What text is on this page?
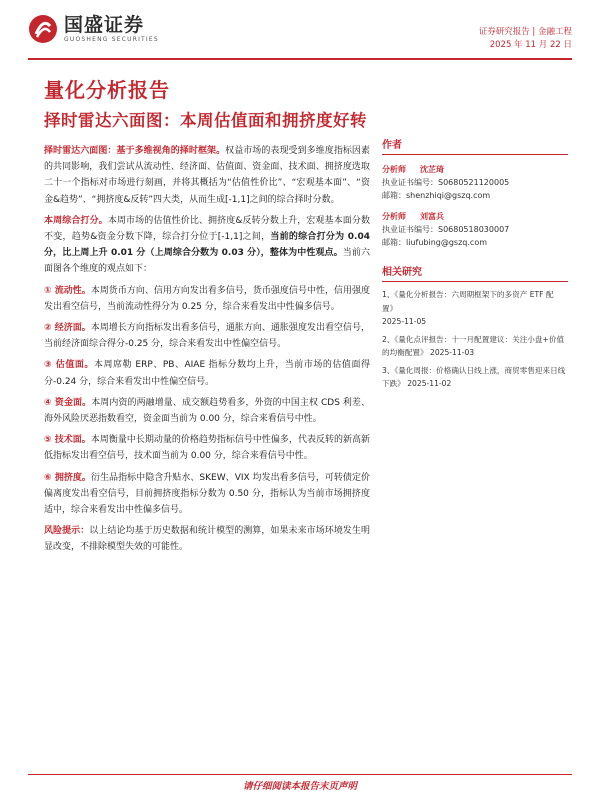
国盛证券
GUOSHENG SECURITIES
证券研究报告 | 金融工程
2025 年 11 月 22 日
量化分析报告
择时雷达六面图：本周估值面和拥挤度好转

择时雷达六面图：基于多维视角的择时框架。权益市场的表现受到多维度指标因素的共同影响，我们尝试从流动性、经济面、估值面、资金面、技术面、拥挤度选取二十一个指标对市场进行刻画，并将其概括为“估值性价比”、“宏观基本面”、“资金&趋势”、“拥挤度&反转”四大类，从而生成[-1,1]之间的综合择时分数。

本周综合打分。本周市场的估值性价比、拥挤度&反转分数上升，宏观基本面分数不变，趋势&资金分数下降，综合打分位于[-1,1]之间，当前的综合打分为 0.04 分，比上周上升 0.01 分（上周综合分数为 0.03 分），整体为中性观点。当前六面图各个维度的观点如下：

① 流动性。本周货币方向、信用方向发出看多信号，货币强度信号中性，信用强度发出看空信号，当前流动性得分为 0.25 分，综合来看发出中性偏多信号。

② 经济面。本周增长方向指标发出看多信号，通胀方向、通胀强度发出看空信号，当前经济面综合得分-0.25 分，综合来看发出中性偏空信号。

③ 估值面。本周席勒 ERP、PB、AIAE 指标分数均上升，当前市场的估值面得分-0.24 分，综合来看发出中性偏空信号。

④ 资金面。本周内资的两融增量、成交额趋势看多，外资的中国主权 CDS 利差、海外风险厌恶指数看空，资金面当前为 0.00 分，综合来看信号中性。

⑤ 技术面。本周衡量中长期动量的价格趋势指标信号中性偏多，代表反转的新高新低指标发出看空信号，技术面当前为 0.00 分，综合来看信号中性。

⑥ 拥挤度。衍生品指标中隐含升贴水、SKEW、VIX 均发出看多信号，可转债定价偏离度发出看空信号，目前拥挤度指标分数为 0.50 分，指标认为当前市场拥挤度适中，综合来看发出中性偏多信号。

风险提示：以上结论均基于历史数据和统计模型的测算，如果未来市场环境发生明显改变，不排除模型失效的可能性。

作者
分析师	沈芷琦
执业证书编号：S0680521120005
邮箱：shenzhiqi@gszq.com
分析师	刘富兵
执业证书编号：S0680518030007
邮箱：liufubing@gszq.com
相关研究
1、《量化分析报告：六周期框架下的多资产 ETF 配置》
2025-11-05
2、《量化点评报告：十一月配置建议：关注小盘+价值的均衡配置》 2025-11-03
3、《量化周报：价格确认日线上涨，商贸零售迎来日线下跌》 2025-11-02
请仔细阅读本报告末页声明
